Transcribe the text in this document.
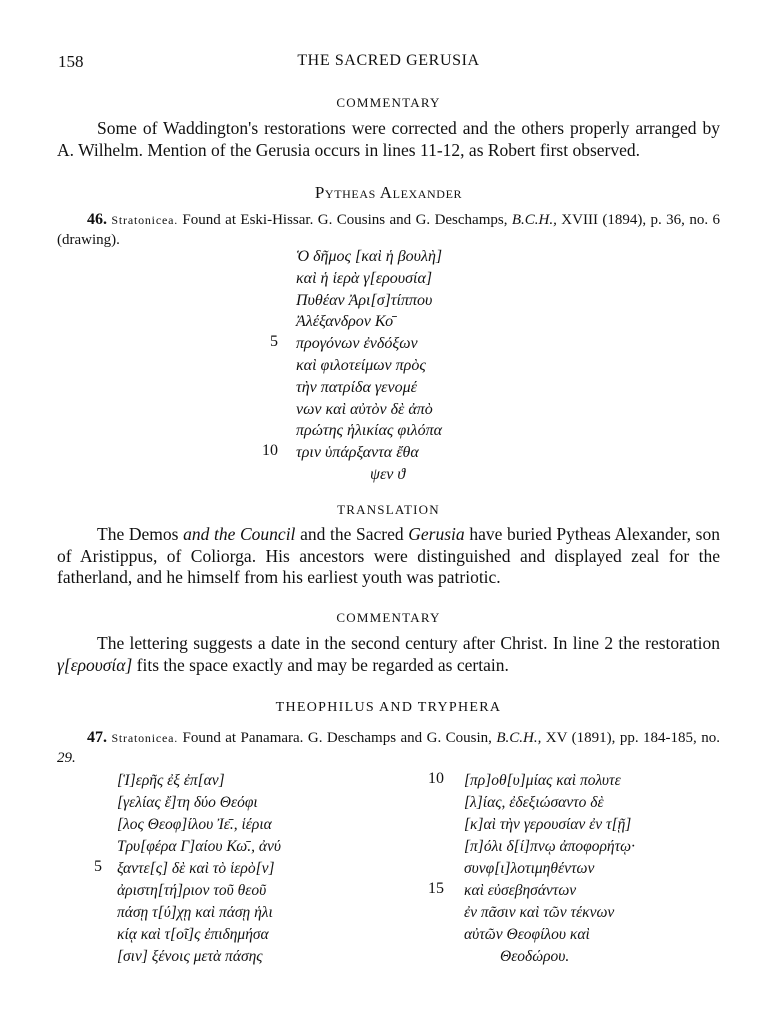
158	THE SACRED GERUSIA
COMMENTARY
Some of Waddington's restorations were corrected and the others properly arranged by A. Wilhelm. Mention of the Gerusia occurs in lines 11-12, as Robert first observed.
Pytheas Alexander
46. Stratonicea. Found at Eski-Hissar. G. Cousins and G. Deschamps, B.C.H., XVIII (1894), p. 36, no. 6 (drawing).
Ὁ δῆμος [καὶ ἡ βουλὴ]
καὶ ἡ ἱερὰ γ[ερουσία]
Πυθέαν Ἀρι[σ]τίππου
Ἀλέξανδρον Κο̄
προγόνων ἐνδόξων
καὶ φιλοτείμων πρὸς
τὴν πατρίδα γενομέ
νων καὶ αὐτὸν δὲ ἀπὸ
πρώτης ἡλικίας φιλόπα
τριν ὑπάρξαντα ἔθα
ψεν ϑ
5
10
TRANSLATION
The Demos and the Council and the Sacred Gerusia have buried Pytheas Alexander, son of Aristippus, of Coliorga. His ancestors were distinguished and displayed zeal for the fatherland, and he himself from his earliest youth was patriotic.
COMMENTARY
The lettering suggests a date in the second century after Christ. In line 2 the restoration γ[ερουσία] fits the space exactly and may be regarded as certain.
THEOPHILUS AND TRYPHERA
47. Stratonicea. Found at Panamara. G. Deschamps and G. Cousin, B.C.H., XV (1891), pp. 184-185, no. 29.
[Ἱ]ερῆς ἐξ ἐπ[αν]
[γελίας ἔ]τη δύο Θεόφι
[λος Θεοφ]ίλου Ἰε̄., ἱέρια
Τρυ[φέρα Γ]αίου Κω̄., ἀνύ
ξαντε[ς] δὲ καὶ τὸ ἱερὸ[ν]
ἀριστη[τή]ριον τοῦ θεοῦ
πάσῃ τ[ύ]χῃ καὶ πάσῃ ἡλι
κίᾳ καὶ τ[οῖ]ς ἐπιδημήσα
[σιν] ξένοις μετὰ πάσης
5
[πρ]οθ[υ]μίας καὶ πολυτε
[λ]ίας, ἐδεξιώσαντο δὲ
[κ]αὶ τὴν γερουσίαν ἐν τ[ῇ]
[π]όλι δ[ί]πνῳ ἀποφορήτῳ·
συνφ[ι]λοτιμηθέντων
καὶ εὐσεβησάντων
ἐν πᾶσιν καὶ τῶν τέκνων
αὐτῶν Θεοφίλου καὶ
Θεοδώρου.
10
15
